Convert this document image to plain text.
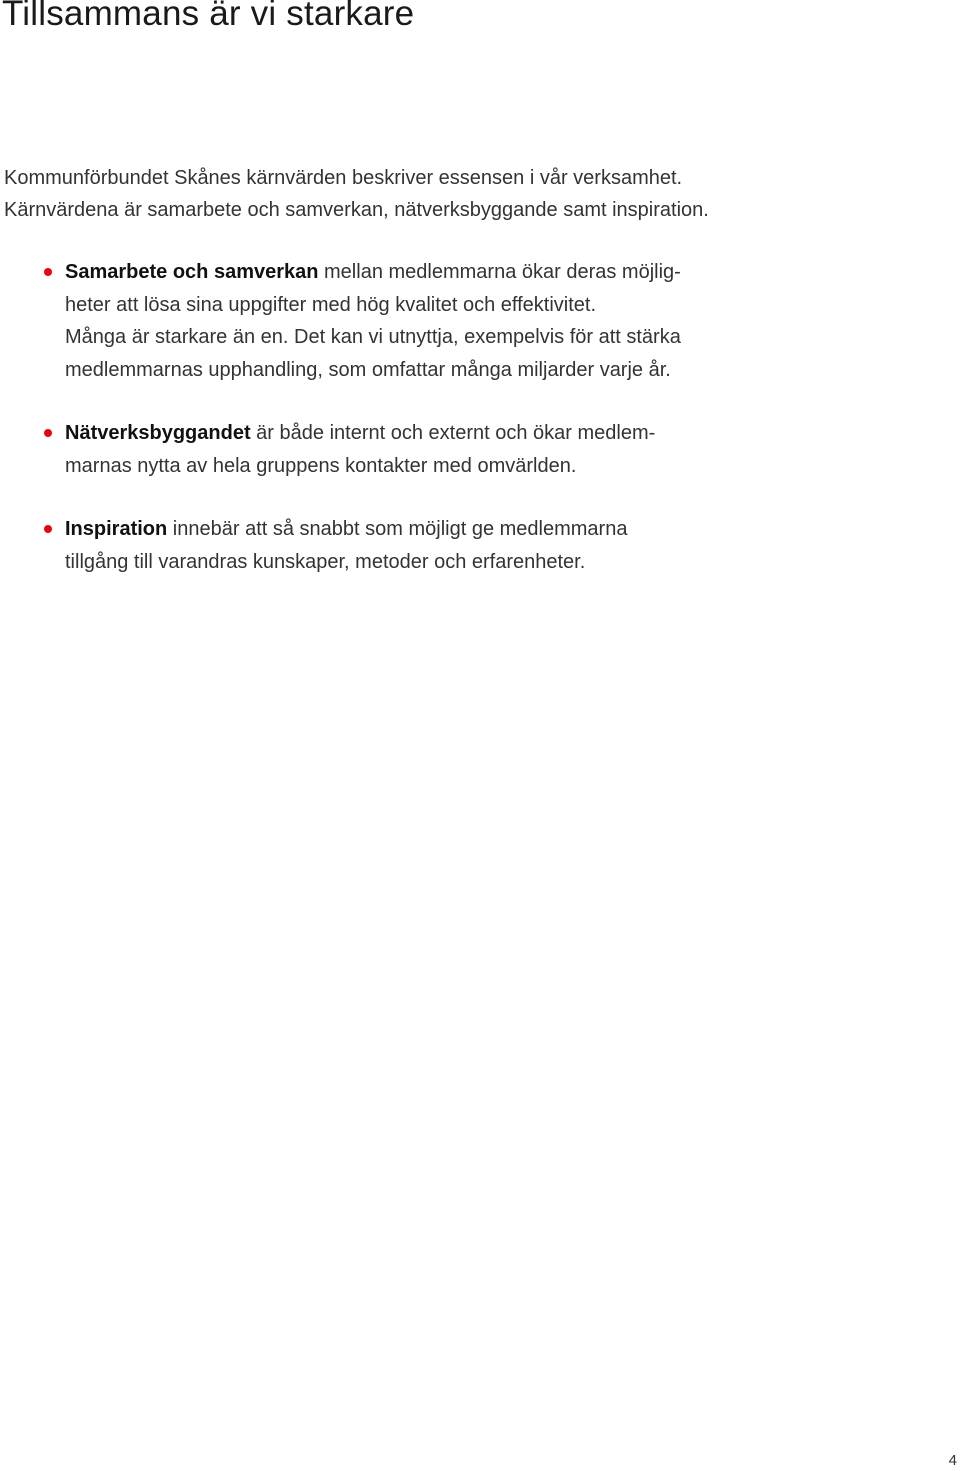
Tillsammans är vi starkare

Kommunförbundet Skånes kärnvärden beskriver essensen i vår verksamhet.

Kärnvärdena är samarbete och samverkan, nätverksbyggande samt inspiration.

Samarbete och samverkan mellan medlemmarna ökar deras möjlig-
heter att lösa sina uppgifter med hög kvalitet och effektivitet.
Många är starkare än en. Det kan vi utnyttja, exempelvis för att stärka
medlemmarnas upphandling, som omfattar många miljarder varje år.
Nätverksbyggandet är både internt och externt och ökar medlem-
marnas nytta av hela gruppens kontakter med omvärlden.
Inspiration innebär att så snabbt som möjligt ge medlemmarna
tillgång till varandras kunskaper, metoder och erfarenheter.
4
